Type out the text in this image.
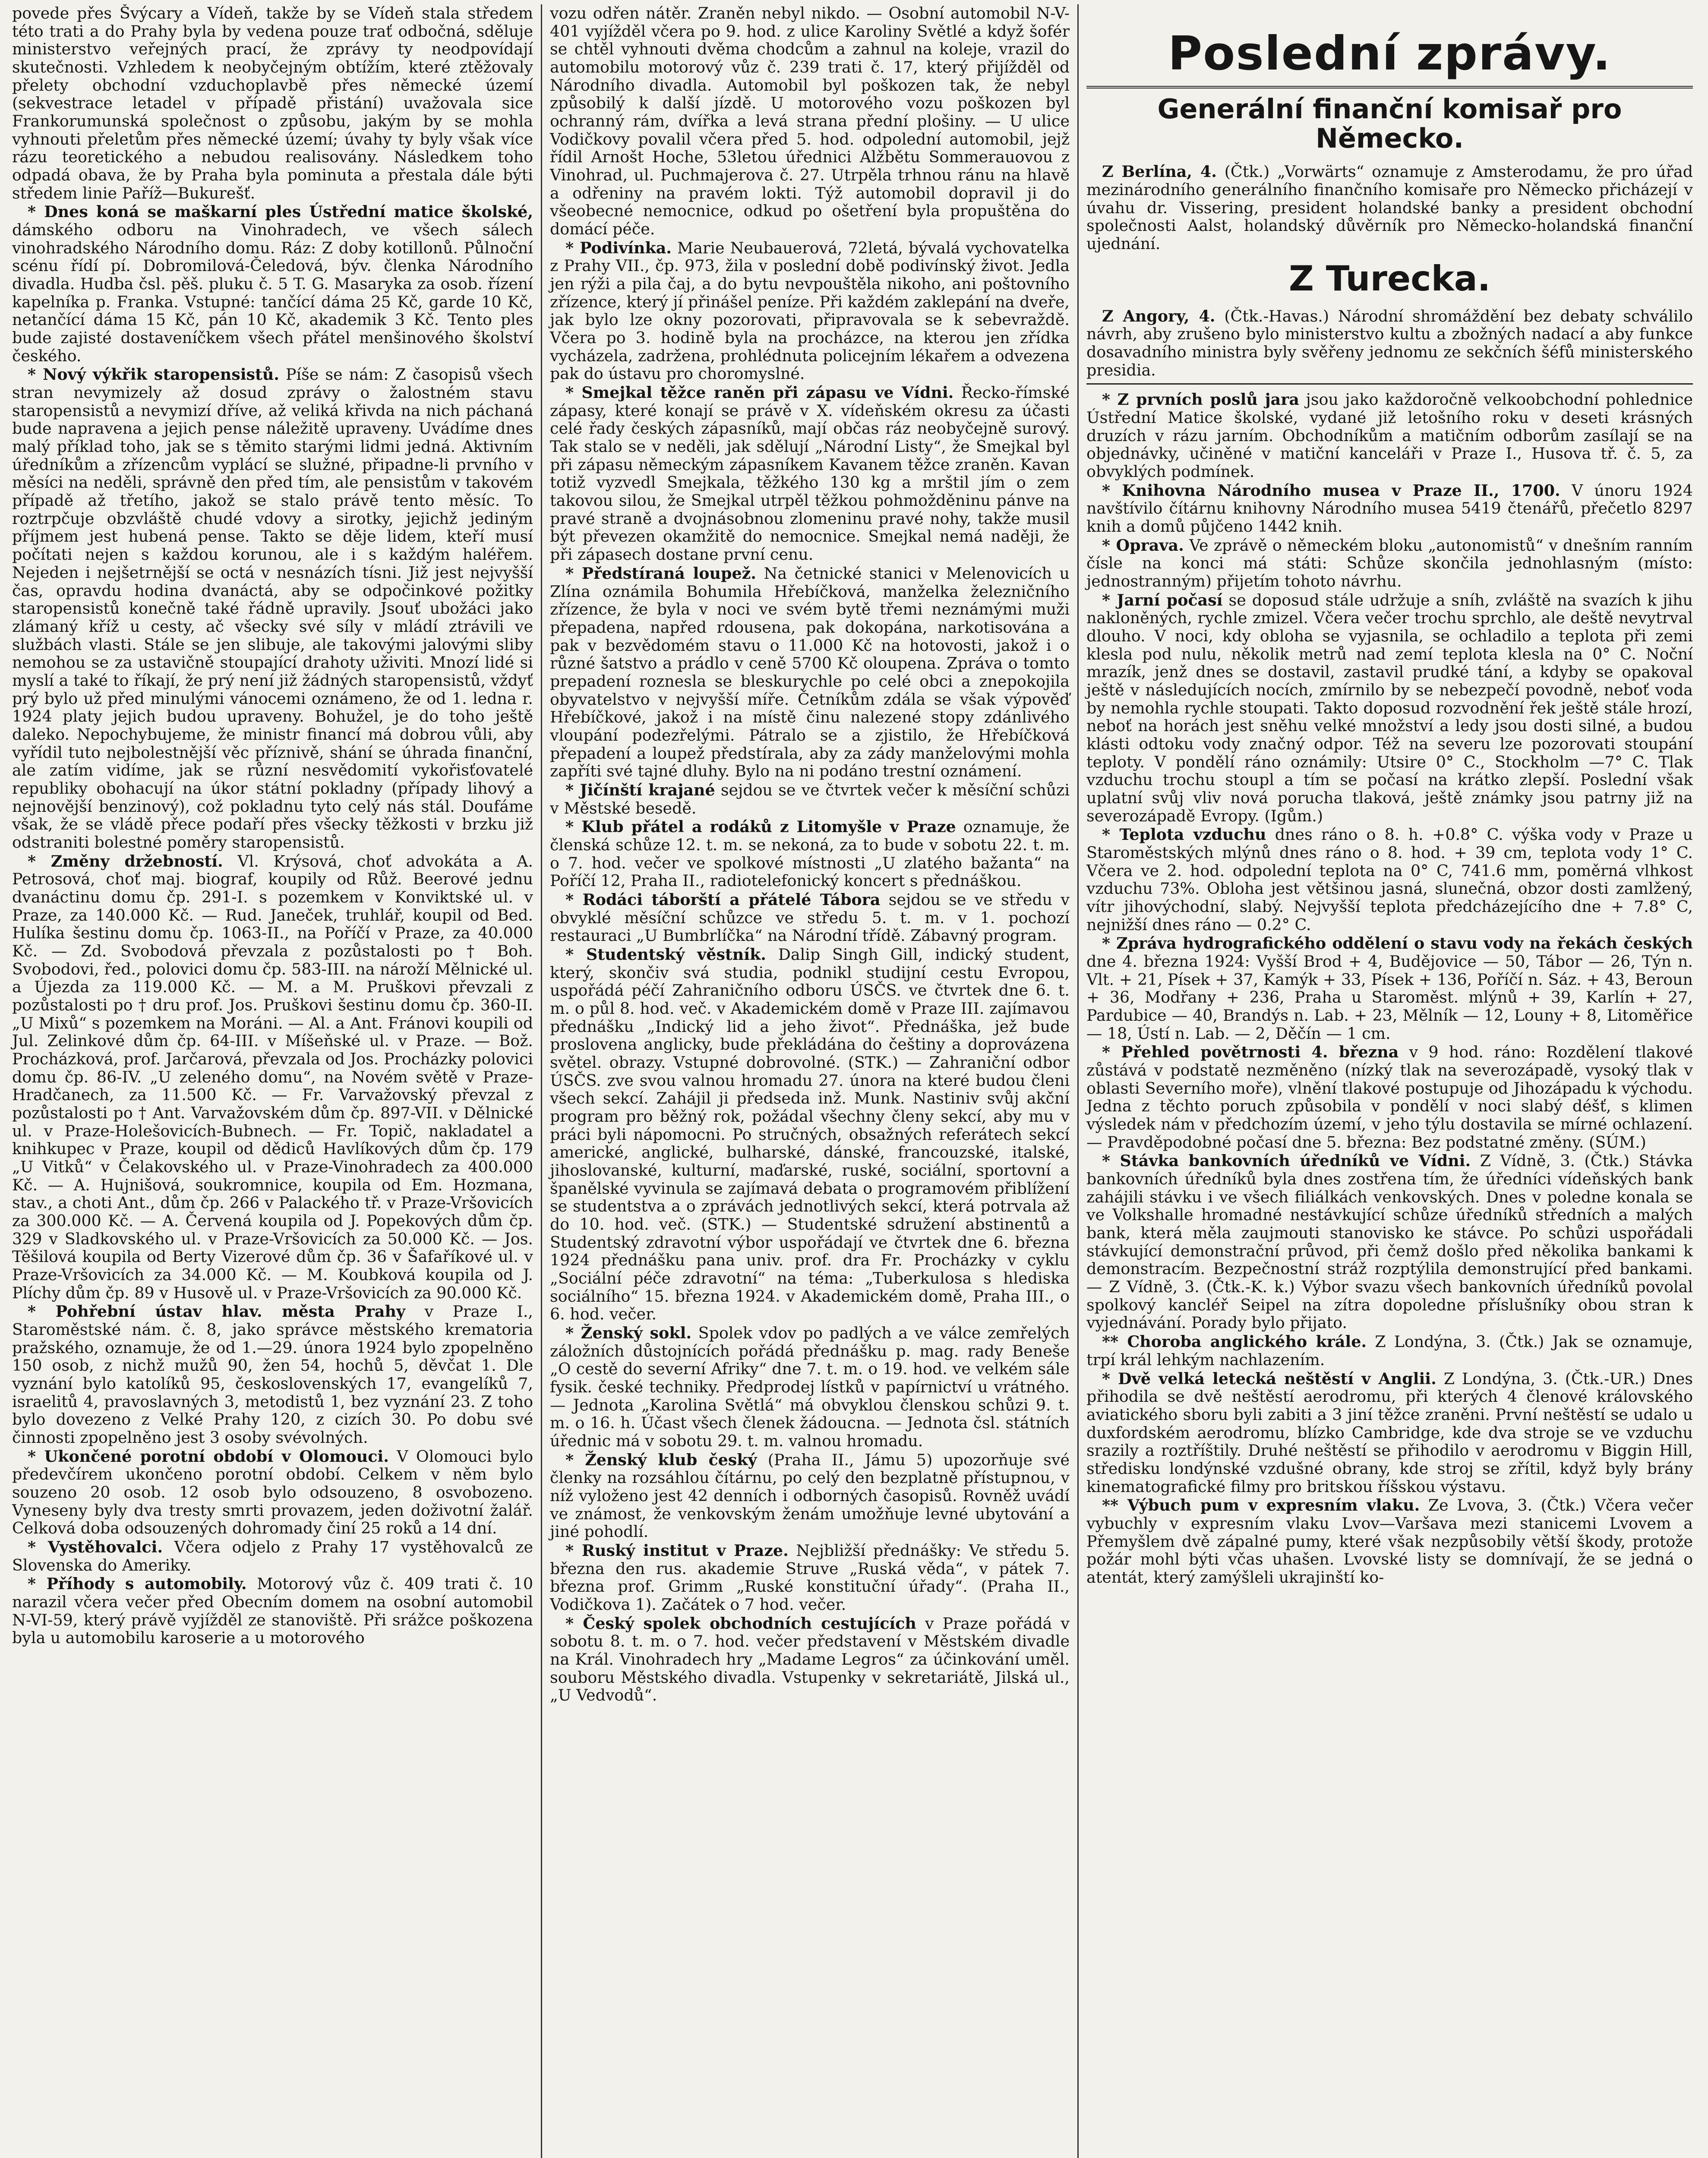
povede přes Švýcary a Vídeň, takže by se Vídeň stala středem této trati a do Prahy byla by vedena pouze trať odbočná, sděluje ministerstvo veřejných prací, že zprávy ty neodpovídají skutečnosti. Vzhledem k neobyčejným obtížím, které ztěžovaly přelety obchodní vzduchoplavbě přes německé území (sekvestrace letadel v případě přistání) uvažovala sice Frankorumunská společnost o způsobu, jakým by se mohla vyhnouti přeletům přes německé území; úvahy ty byly však více rázu teoretického a nebudou realisovány. Následkem toho odpadá obava, že by Praha byla pominuta a přestala dále býti středem linie Paříž—Bukurešť.

* Dnes koná se maškarní ples Ústřední matice školské, dámského odboru na Vinohradech, ve všech sálech vinohradského Národního domu. Ráz: Z doby kotillonů. Půlnoční scénu řídí pí. Dobromilová-Čeledová, býv. členka Národního divadla. Hudba čsl. pěš. pluku č. 5 T. G. Masaryka za osob. řízení kapelníka p. Franka. Vstupné: tančící dáma 25 Kč, garde 10 Kč, netančící dáma 15 Kč, pán 10 Kč, akademik 3 Kč. Tento ples bude zajisté dostaveníčkem všech přátel menšinového školství českého.

* Nový výkřik staropensistů. Píše se nám: Z časopisů všech stran nevymizely až dosud zprávy o žalostném stavu staropensistů a nevymizí dříve, až veliká křivda na nich páchaná bude napravena a jejich pense náležitě upraveny. Uvádíme dnes malý příklad toho, jak se s těmito starými lidmi jedná. Aktivním úředníkům a zřízencům vyplácí se služné, připadne-li prvního v měsíci na neděli, správně den před tím, ale pensistům v takovém případě až třetího, jakož se stalo právě tento měsíc. To roztrpčuje obzvláště chudé vdovy a sirotky, jejichž jediným příjmem jest hubená pense. Takto se děje lidem, kteří musí počítati nejen s každou korunou, ale i s každým haléřem. Nejeden i nejšetrnější se octá v nesnázích tísni. Již jest nejvyšší čas, opravdu hodina dvanáctá, aby se odpočinkové požitky staropensistů konečně také řádně upravily. Jsouť ubožáci jako zlámaný kříž u cesty, ač všecky své síly v mládí ztrávili ve službách vlasti. Stále se jen slibuje, ale takovými jalovými sliby nemohou se za ustavičně stoupající drahoty uživiti. Mnozí lidé si myslí a také to říkají, že prý není již žádných staropensistů, vždyť prý bylo už před minulými vánocemi oznámeno, že od 1. ledna r. 1924 platy jejich budou upraveny. Bohužel, je do toho ještě daleko. Nepochybujeme, že ministr financí má dobrou vůli, aby vyřídil tuto nejbolestnější věc příznivě, shání se úhrada finanční, ale zatím vidíme, jak se různí nesvědomití vykořisťovatelé republiky obohacují na úkor státní pokladny (případy lihový a nejnovější benzinový), což pokladnu tyto celý nás stál. Doufáme však, že se vládě přece podaří přes všecky těžkosti v brzku již odstraniti bolestné poměry staropensistů.

* Změny držebností. Vl. Krýsová, choť advokáta a A. Petrosová, choť maj. biograf, koupily od Růž. Beerové jednu dvanáctinu domu čp. 291-I. s pozemkem v Konviktské ul. v Praze, za 140.000 Kč. — Rud. Janeček, truhlář, koupil od Bed. Hulíka šestinu domu čp. 1063-II., na Poříčí v Praze, za 40.000 Kč. — Zd. Svobodová převzala z pozůstalosti po † Boh. Svobodovi, řed., polovici domu čp. 583-III. na nároží Mělnické ul. a Újezda za 119.000 Kč. — M. a M. Pruškovi převzali z pozůstalosti po † dru prof. Jos. Pruškovi šestinu domu čp. 360-II. „U Mixů“ s pozemkem na Moráni. — Al. a Ant. Fránovi koupili od Jul. Zelinkové dům čp. 64-III. v Míšeňské ul. v Praze. — Bož. Procházková, prof. Jarčarová, převzala od Jos. Procházky polovici domu čp. 86-IV. „U zeleného domu“, na Novém světě v Praze-Hradčanech, za 11.500 Kč. — Fr. Varvažovský převzal z pozůstalosti po † Ant. Varvažovském dům čp. 897-VII. v Dělnické ul. v Praze-Holešovicích-Bubnech. — Fr. Topič, nakladatel a knihkupec v Praze, koupil od dědiců Havlíkových dům čp. 179 „U Vitků“ v Čelakovského ul. v Praze-Vinohradech za 400.000 Kč. — A. Hujnišová, soukromnice, koupila od Em. Hozmana, stav., a choti Ant., dům čp. 266 v Palackého tř. v Praze-Vršovicích za 300.000 Kč. — A. Červená koupila od J. Popekových dům čp. 329 v Sladkovského ul. v Praze-Vršovicích za 50.000 Kč. — Jos. Těšilová koupila od Berty Vizerové dům čp. 36 v Šafaříkové ul. v Praze-Vršovicích za 34.000 Kč. — M. Koubková koupila od J. Plíchy dům čp. 89 v Husově ul. v Praze-Vršovicích za 90.000 Kč.

* Pohřební ústav hlav. města Prahy v Praze I., Staroměstské nám. č. 8, jako správce městského krematoria pražského, oznamuje, že od 1.—29. února 1924 bylo zpopelněno 150 osob, z nichž mužů 90, žen 54, hochů 5, děvčat 1. Dle vyznání bylo katolíků 95, československých 17, evangelíků 7, israelitů 4, pravoslavných 3, metodistů 1, bez vyznání 23. Z toho bylo dovezeno z Velké Prahy 120, z cizích 30. Po dobu své činnosti zpopelněno jest 3 osoby svévolných.

* Ukončené porotní období v Olomouci. V Olomouci bylo předevčírem ukončeno porotní období. Celkem v něm bylo souzeno 20 osob. 12 osob bylo odsouzeno, 8 osvobozeno. Vyneseny byly dva tresty smrti provazem, jeden doživotní žalář. Celková doba odsouzených dohromady činí 25 roků a 14 dní.

* Vystěhovalci. Včera odjelo z Prahy 17 vystěhovalců ze Slovenska do Ameriky.

* Příhody s automobily. Motorový vůz č. 409 trati č. 10 narazil včera večer před Obecním domem na osobní automobil N-VI-59, který právě vyjížděl ze stanoviště. Při srážce poškozena byla u automobilu karoserie a u motorového

vozu odřen nátěr. Zraněn nebyl nikdo. — Osobní automobil N-V-401 vyjížděl včera po 9. hod. z ulice Karoliny Světlé a když šofér se chtěl vyhnouti dvěma chodcům a zahnul na koleje, vrazil do automobilu motorový vůz č. 239 trati č. 17, který přijížděl od Národního divadla. Automobil byl poškozen tak, že nebyl způsobilý k další jízdě. U motorového vozu poškozen byl ochranný rám, dvířka a levá strana přední plošiny. — U ulice Vodičkovy povalil včera před 5. hod. odpolední automobil, jejž řídil Arnošt Hoche, 53letou úřednici Alžbětu Sommerauovou z Vinohrad, ul. Puchmajerova č. 27. Utrpěla trhnou ránu na hlavě a odřeniny na pravém lokti. Týž automobil dopravil ji do všeobecné nemocnice, odkud po ošetření byla propuštěna do domácí péče.

* Podivínka. Marie Neubauerová, 72letá, bývalá vychovatelka z Prahy VII., čp. 973, žila v poslední době podivínský život. Jedla jen rýži a pila čaj, a do bytu nevpouštěla nikoho, ani poštovního zřízence, který jí přinášel peníze. Při každém zaklepání na dveře, jak bylo lze okny pozorovati, připravovala se k sebevraždě. Včera po 3. hodině byla na procházce, na kterou jen zřídka vycházela, zadržena, prohlédnuta policejním lékařem a odvezena pak do ústavu pro choromyslné.

* Smejkal těžce raněn při zápasu ve Vídni. Řecko-římské zápasy, které konají se právě v X. vídeňském okresu za účasti celé řady českých zápasníků, mají občas ráz neobyčejně surový. Tak stalo se v neděli, jak sdělují „Národní Listy“, že Smejkal byl při zápasu německým zápasníkem Kavanem těžce zraněn. Kavan totiž vyzvedl Smejkala, těžkého 130 kg a mrštil jím o zem takovou silou, že Smejkal utrpěl těžkou pohmožděninu pánve na pravé straně a dvojnásobnou zlomeninu pravé nohy, takže musil být převezen okamžitě do nemocnice. Smejkal nemá naději, že při zápasech dostane první cenu.

* Předstíraná loupež. Na četnické stanici v Melenovicích u Zlína oznámila Bohumila Hřebíčková, manželka železničního zřízence, že byla v noci ve svém bytě třemi neznámými muži přepadena, napřed rdousena, pak dokopána, narkotisována a pak v bezvědomém stavu o 11.000 Kč na hotovosti, jakož i o různé šatstvo a prádlo v ceně 5700 Kč oloupena. Zpráva o tomto prepadení roznesla se bleskurychle po celé obci a znepokojila obyvatelstvo v nejvyšší míře. Četníkům zdála se však výpověď Hřebíčkové, jakož i na místě činu nalezené stopy zdánlivého vloupání podezřelými. Pátralo se a zjistilo, že Hřebíčková přepadení a loupež předstírala, aby za zády manželovými mohla zapříti své tajné dluhy. Bylo na ni podáno trestní oznámení.

* Jičínští krajané sejdou se ve čtvrtek večer k měsíční schůzi v Městské besedě.

* Klub přátel a rodáků z Litomyšle v Praze oznamuje, že členská schůze 12. t. m. se nekoná, za to bude v sobotu 22. t. m. o 7. hod. večer ve spolkové místnosti „U zlatého bažanta“ na Poříčí 12, Praha II., radiotelefonický koncert s přednáškou.

* Rodáci táborští a přátelé Tábora sejdou se ve středu v obvyklé měsíční schůzce ve středu 5. t. m. v 1. pochozí restauraci „U Bumbrlíčka“ na Národní třídě. Zábavný program.

* Studentský věstník. Dalip Singh Gill, indický student, který, skončiv svá studia, podnikl studijní cestu Evropou, uspořádá péčí Zahraničního odboru ÚSČS. ve čtvrtek dne 6. t. m. o půl 8. hod. več. v Akademickém domě v Praze III. zajímavou přednášku „Indický lid a jeho život“. Přednáška, jež bude proslovena anglicky, bude překládána do češtiny a doprovázena světel. obrazy. Vstupné dobrovolné. (STK.) — Zahraniční odbor ÚSČS. zve svou valnou hromadu 27. února na které budou členi všech sekcí. Zahájil ji předseda inž. Munk. Nastiniv svůj akční program pro běžný rok, požádal všechny členy sekcí, aby mu v práci byli nápomocni. Po stručných, obsažných referátech sekcí americké, anglické, bulharské, dánské, francouzské, italské, jihoslovanské, kulturní, maďarské, ruské, sociální, sportovní a španělské vyvinula se zajímavá debata o programovém přiblížení se studentstva a o zprávách jednotlivých sekcí, která potrvala až do 10. hod. več. (STK.) — Studentské sdružení abstinentů a Studentský zdravotní výbor uspořádají ve čtvrtek dne 6. března 1924 přednášku pana univ. prof. dra Fr. Procházky v cyklu „Sociální péče zdravotní“ na téma: „Tuberkulosa s hlediska sociálního“ 15. března 1924. v Akademickém domě, Praha III., o 6. hod. večer.

* Ženský sokl. Spolek vdov po padlých a ve válce zemřelých záložních důstojnících pořádá přednášku p. mag. rady Beneše „O cestě do severní Afriky“ dne 7. t. m. o 19. hod. ve velkém sále fysik. české techniky. Předprodej lístků v papírnictví u vrátného. — Jednota „Karolina Světlá“ má obvyklou členskou schůzi 9. t. m. o 16. h. Účast všech členek žádoucna. — Jednota čsl. státních úřednic má v sobotu 29. t. m. valnou hromadu.

* Ženský klub český (Praha II., Jámu 5) upozorňuje své členky na rozsáhlou čítárnu, po celý den bezplatně přístupnou, v níž vyloženo jest 42 denních i odborných časopisů. Rovněž uvádí ve známost, že venkovským ženám umožňuje levné ubytování a jiné pohodlí.

* Ruský institut v Praze. Nejbližší přednášky: Ve středu 5. března den rus. akademie Struve „Ruská věda“, v pátek 7. března prof. Grimm „Ruské konstituční úřady“. (Praha II., Vodičkova 1). Začátek o 7 hod. večer.

* Český spolek obchodních cestujících v Praze pořádá v sobotu 8. t. m. o 7. hod. večer představení v Městském divadle na Král. Vinohradech hry „Madame Legros“ za účinkování uměl. souboru Městského divadla. Vstupenky v sekretariátě, Jilská ul., „U Vedvodů“.

Poslední zprávy.
Generální finanční komisař pro Německo.

Z Berlína, 4. (Čtk.) „Vorwärts“ oznamuje z Amsterodamu, že pro úřad mezinárodního generálního finančního komisaře pro Německo přicházejí v úvahu dr. Vissering, president holandské banky a president obchodní společnosti Aalst, holandský důvěrník pro Německo-holandská finanční ujednání.

Z Turecka.

Z Angory, 4. (Čtk.-Havas.) Národní shromáždění bez debaty schválilo návrh, aby zrušeno bylo ministerstvo kultu a zbožných nadací a aby funkce dosavadního ministra byly svěřeny jednomu ze sekčních šéfů ministerského presidia.

* Z prvních poslů jara jsou jako každoročně velkoobchodní pohlednice Ústřední Matice školské, vydané již letošního roku v deseti krásných druzích v rázu jarním. Obchodníkům a matičním odborům zasílají se na objednávky, učiněné v matiční kanceláři v Praze I., Husova tř. č. 5, za obvyklých podmínek.

* Knihovna Národního musea v Praze II., 1700. V únoru 1924 navštívilo čítárnu knihovny Národního musea 5419 čtenářů, přečetlo 8297 knih a domů půjčeno 1442 knih.

* Oprava. Ve zprávě o německém bloku „autonomistů“ v dnešním ranním čísle na konci má státi: Schůze skončila jednohlasným (místo: jednostranným) přijetím tohoto návrhu.

* Jarní počasí se doposud stále udržuje a sníh, zvláště na svazích k jihu nakloněných, rychle zmizel. Včera večer trochu sprchlo, ale deště nevytrval dlouho. V noci, kdy obloha se vyjasnila, se ochladilo a teplota při zemi klesla pod nulu, několik metrů nad zemí teplota klesla na 0° C. Noční mrazík, jenž dnes se dostavil, zastavil prudké tání, a kdyby se opakoval ještě v následujících nocích, zmírnilo by se nebezpečí povodně, neboť voda by nemohla rychle stoupati. Takto doposud rozvodnění řek ještě stále hrozí, neboť na horách jest sněhu velké množství a ledy jsou dosti silné, a budou klásti odtoku vody značný odpor. Též na severu lze pozorovati stoupání teploty. V pondělí ráno oznámily: Utsire 0° C., Stockholm —7° C. Tlak vzduchu trochu stoupl a tím se počasí na krátko zlepší. Poslední však uplatní svůj vliv nová porucha tlaková, ještě známky jsou patrny již na severozápadě Evropy. (Igům.)

* Teplota vzduchu dnes ráno o 8. h. +0.8° C. výška vody v Praze u Staroměstských mlýnů dnes ráno o 8. hod. + 39 cm, teplota vody 1° C. Včera ve 2. hod. odpolední teplota na 0° C, 741.6 mm, poměrná vlhkost vzduchu 73%. Obloha jest většinou jasná, slunečná, obzor dosti zamlžený, vítr jihovýchodní, slabý. Nejvyšší teplota předcházejícího dne + 7.8° C, nejnižší dnes ráno — 0.2° C.

* Zpráva hydrografického oddělení o stavu vody na řekách českých dne 4. března 1924: Vyšší Brod + 4, Budějovice — 50, Tábor — 26, Týn n. Vlt. + 21, Písek + 37, Kamýk + 33, Písek + 136, Poříčí n. Sáz. + 43, Beroun + 36, Modřany + 236, Praha u Staroměst. mlýnů + 39, Karlín + 27, Pardubice — 40, Brandýs n. Lab. + 23, Mělník — 12, Louny + 8, Litoměřice — 18, Ústí n. Lab. — 2, Děčín — 1 cm.

* Přehled povětrnosti 4. března v 9 hod. ráno: Rozdělení tlakové zůstává v podstatě nezměněno (nízký tlak na severozápadě, vysoký tlak v oblasti Severního moře), vlnění tlakové postupuje od Jihozápadu k východu. Jedna z těchto poruch způsobila v pondělí v noci slabý déšť, s klimen výsledek nám v předchozím území, v jeho týlu dostavila se mírné ochlazení. — Pravděpodobné počasí dne 5. března: Bez podstatné změny. (SÚM.)

* Stávka bankovních úředníků ve Vídni. Z Vídně, 3. (Čtk.) Stávka bankovních úředníků byla dnes zostřena tím, že úředníci vídeňských bank zahájili stávku i ve všech filiálkách venkovských. Dnes v poledne konala se ve Volkshalle hromadné nestávkující schůze úředníků středních a malých bank, která měla zaujmouti stanovisko ke stávce. Po schůzi uspořádali stávkující demonstrační průvod, při čemž došlo před několika bankami k demonstracím. Bezpečnostní stráž rozptýlila demonstrující před bankami. — Z Vídně, 3. (Čtk.-K. k.) Výbor svazu všech bankovních úředníků povolal spolkový kancléř Seipel na zítra dopoledne příslušníky obou stran k vyjednávání. Porady bylo přijato.

** Choroba anglického krále. Z Londýna, 3. (Čtk.) Jak se oznamuje, trpí král lehkým nachlazením.

* Dvě velká letecká neštěstí v Anglii. Z Londýna, 3. (Čtk.-UR.) Dnes přihodila se dvě neštěstí aerodromu, při kterých 4 členové královského aviatického sboru byli zabiti a 3 jiní těžce zraněni. První neštěstí se udalo u duxfordském aerodromu, blízko Cambridge, kde dva stroje se ve vzduchu srazily a roztříštily. Druhé neštěstí se přihodilo v aerodromu v Biggin Hill, středisku londýnské vzdušné obrany, kde stroj se zřítil, když byly brány kinematografické filmy pro britskou říšskou výstavu.

** Výbuch pum v expresním vlaku. Ze Lvova, 3. (Čtk.) Včera večer vybuchly v expresním vlaku Lvov—Varšava mezi stanicemi Lvovem a Přemyšlem dvě zápalné pumy, které však nezpůsobily větší škody, protože požár mohl býti včas uhašen. Lvovské listy se domnívají, že se jedná o atentát, který zamýšleli ukrajinští ko-
